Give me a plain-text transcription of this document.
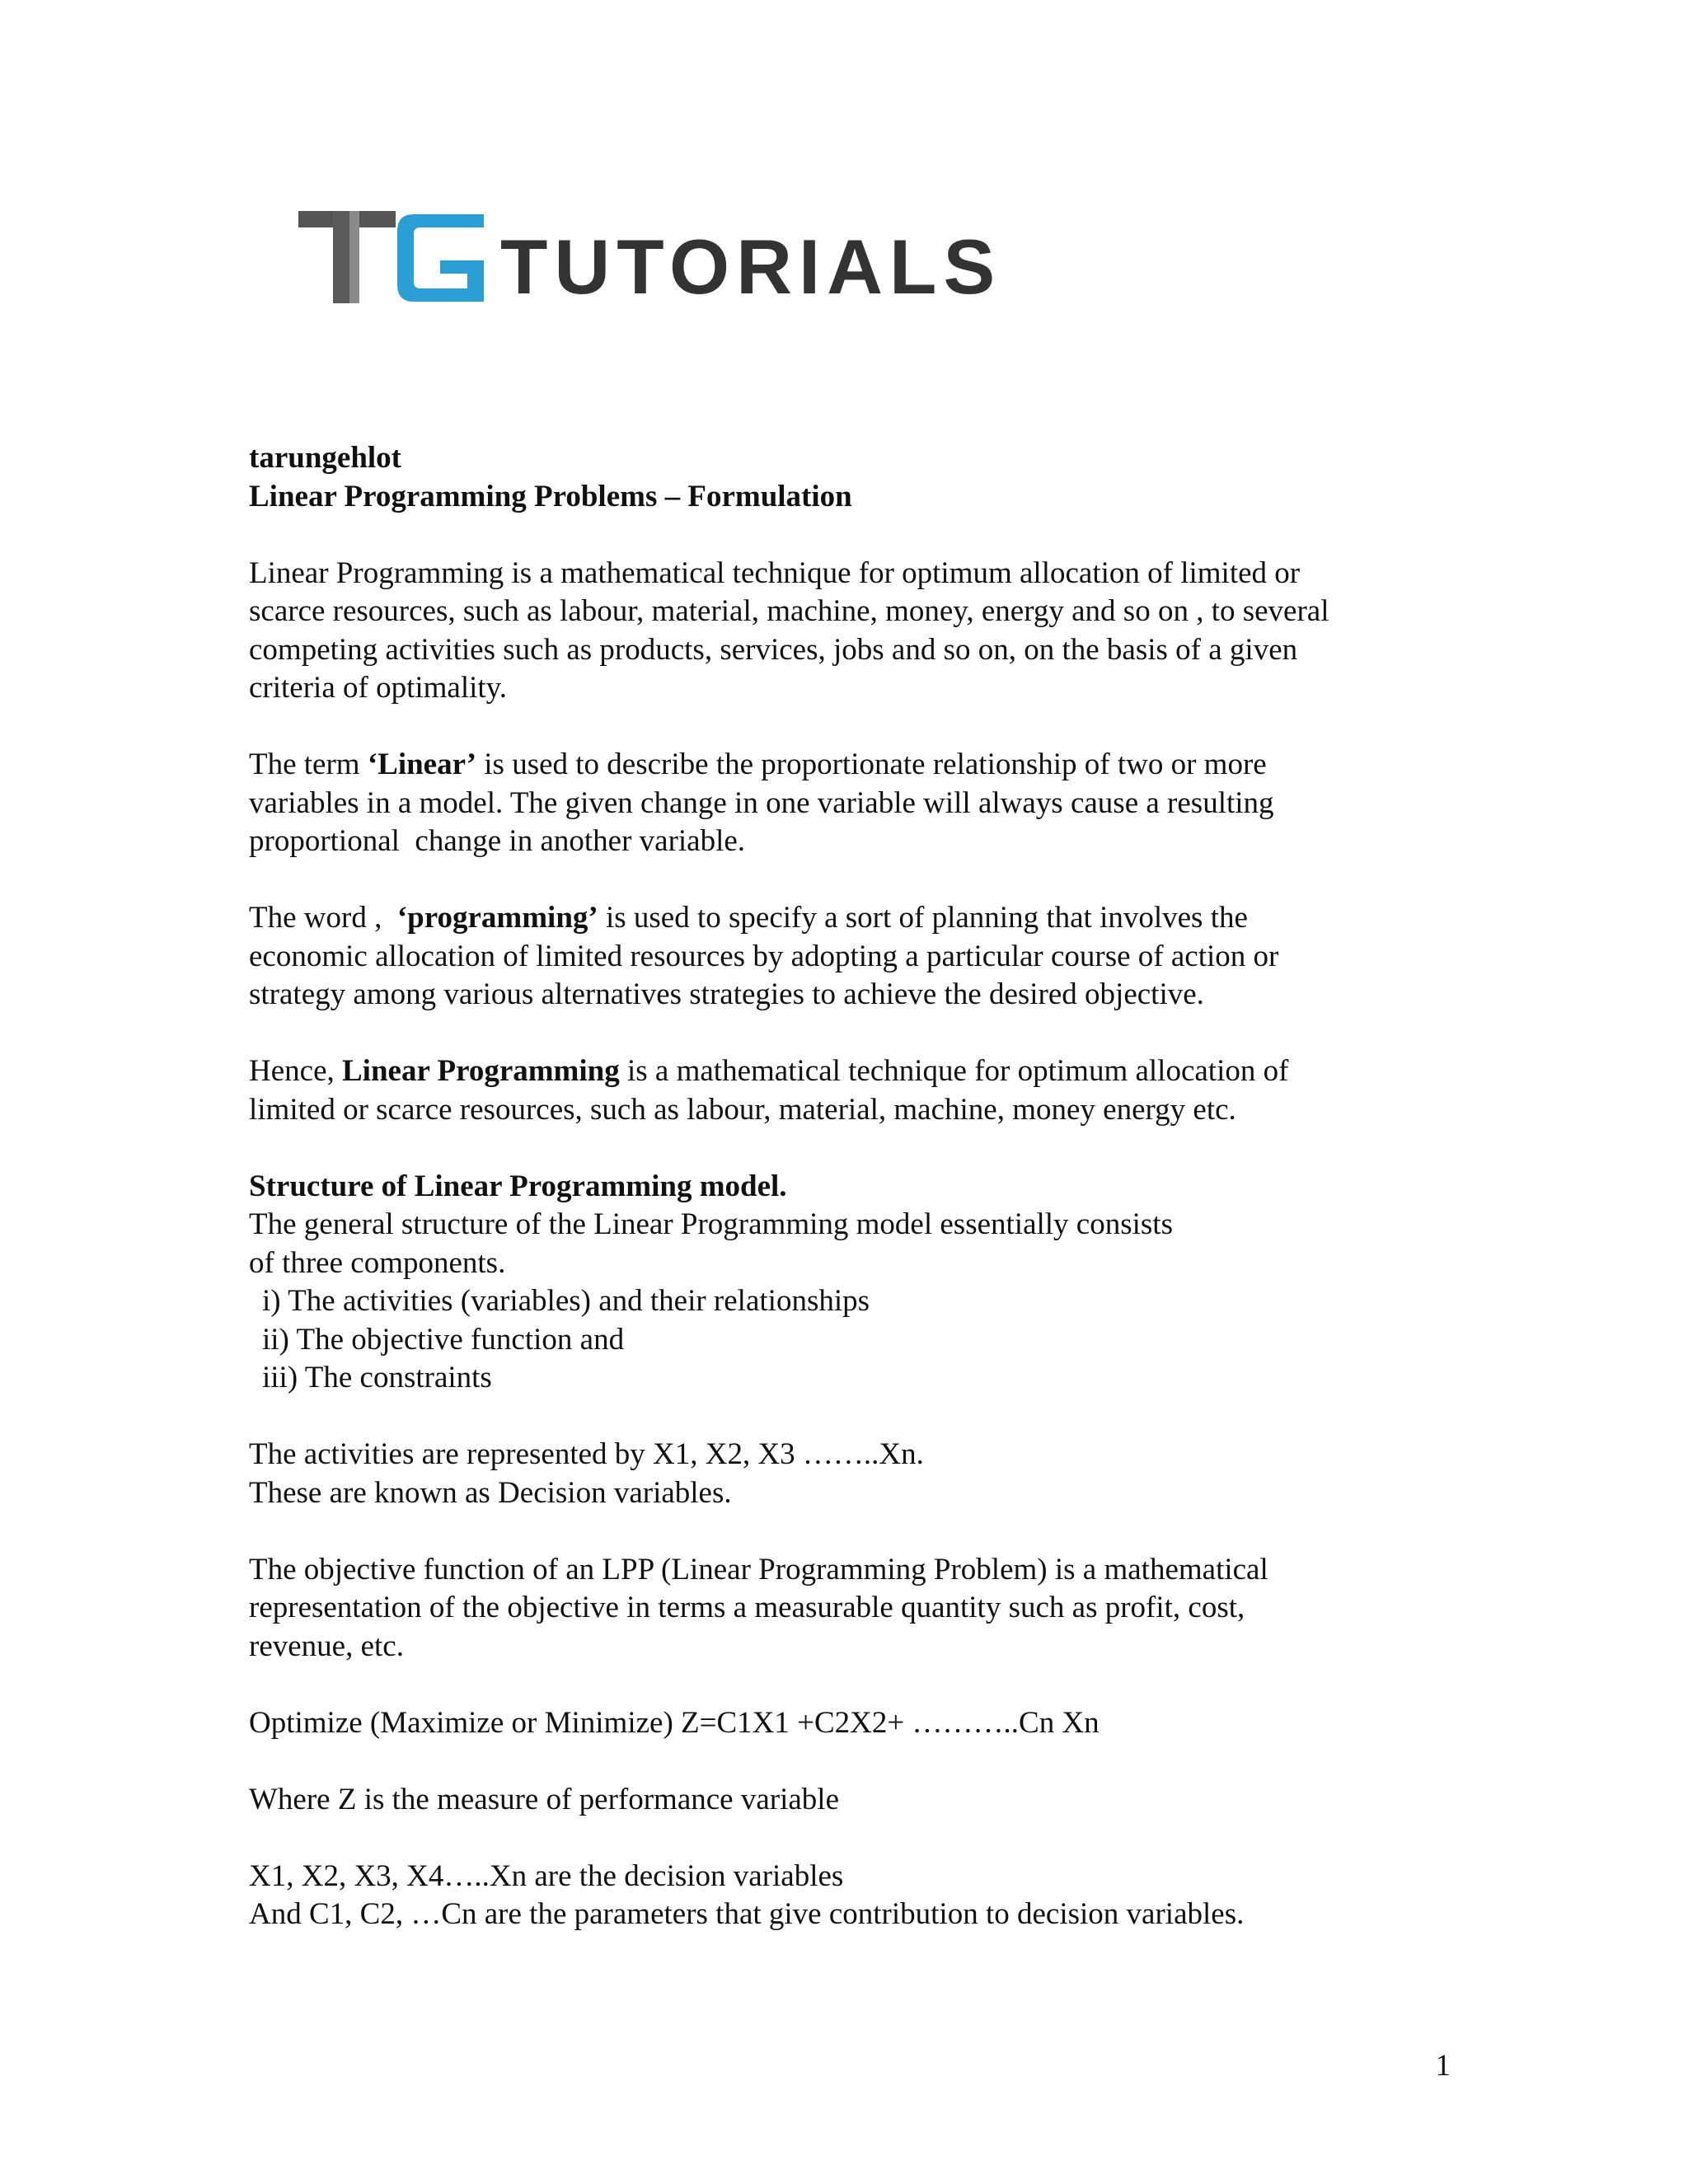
TUTORIALS

tarungehlot

Linear Programming Problems – Formulation

Linear Programming is a mathematical technique for optimum allocation of limited or

scarce resources, such as labour, material, machine, money, energy and so on , to several

competing activities such as products, services, jobs and so on, on the basis of a given

criteria of optimality.

The term ‘Linear’ is used to describe the proportionate relationship of two or more

variables in a model. The given change in one variable will always cause a resulting

proportional  change in another variable.

The word ,  ‘programming’ is used to specify a sort of planning that involves the

economic allocation of limited resources by adopting a particular course of action or

strategy among various alternatives strategies to achieve the desired objective.

Hence, Linear Programming is a mathematical technique for optimum allocation of

limited or scarce resources, such as labour, material, machine, money energy etc.

Structure of Linear Programming model.

The general structure of the Linear Programming model essentially consists

of three components.

i) The activities (variables) and their relationships

ii) The objective function and

iii) The constraints

The activities are represented by X1, X2, X3 ……..Xn.

These are known as Decision variables.

The objective function of an LPP (Linear Programming Problem) is a mathematical

representation of the objective in terms a measurable quantity such as profit, cost,

revenue, etc.

Optimize (Maximize or Minimize) Z=C1X1 +C2X2+ ………..Cn Xn

Where Z is the measure of performance variable

X1, X2, X3, X4…..Xn are the decision variables

And C1, C2, …Cn are the parameters that give contribution to decision variables.

1
